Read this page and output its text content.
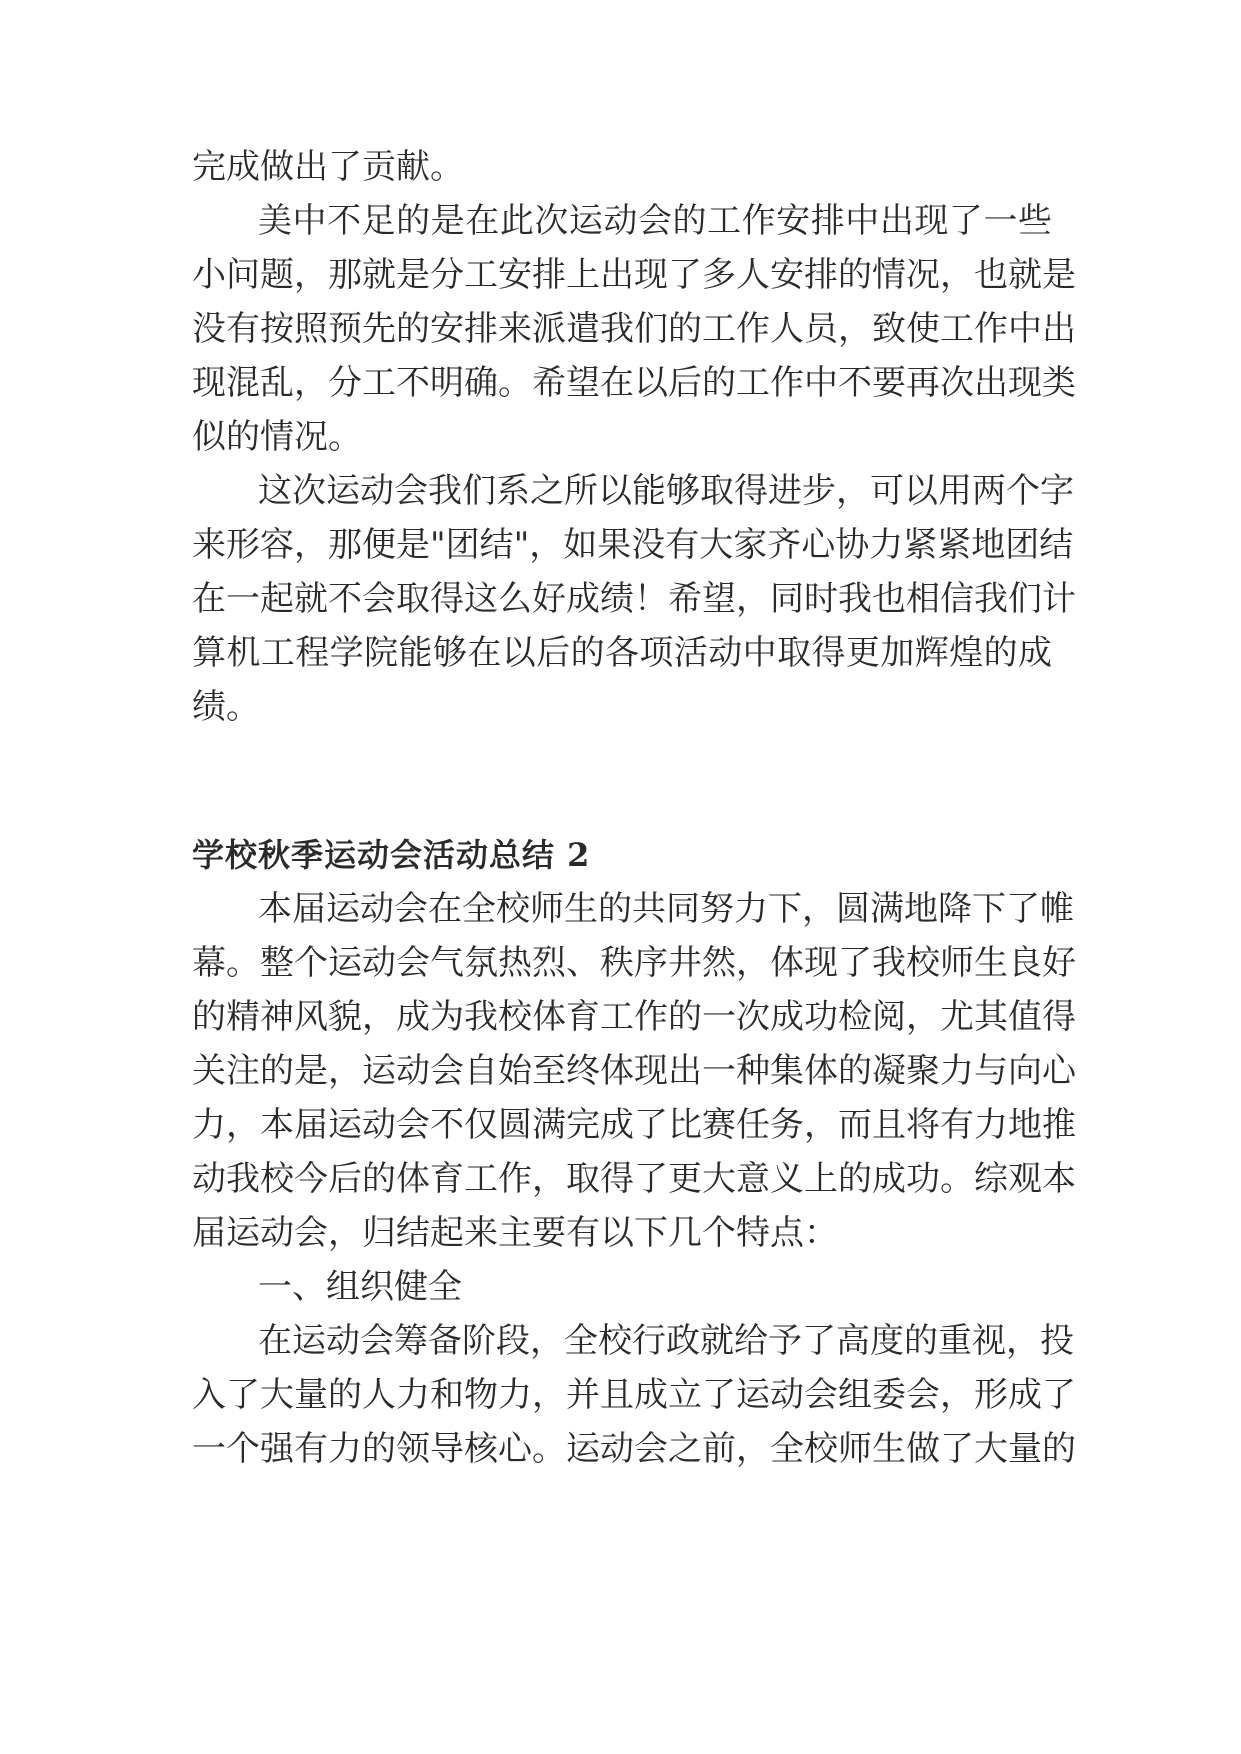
完成做出了贡献。

美中不足的是在此次运动会的工作安排中出现了一些

小问题，那就是分工安排上出现了多人安排的情况，也就是

没有按照预先的安排来派遣我们的工作人员，致使工作中出

现混乱，分工不明确。希望在以后的工作中不要再次出现类

似的情况。

这次运动会我们系之所以能够取得进步，可以用两个字

来形容，那便是"团结"，如果没有大家齐心协力紧紧地团结

在一起就不会取得这么好成绩！希望，同时我也相信我们计

算机工程学院能够在以后的各项活动中取得更加辉煌的成

绩。

学校秋季运动会活动总结 2

本届运动会在全校师生的共同努力下，圆满地降下了帷

幕。整个运动会气氛热烈、秩序井然，体现了我校师生良好

的精神风貌，成为我校体育工作的一次成功检阅，尤其值得

关注的是，运动会自始至终体现出一种集体的凝聚力与向心

力，本届运动会不仅圆满完成了比赛任务，而且将有力地推

动我校今后的体育工作，取得了更大意义上的成功。综观本

届运动会，归结起来主要有以下几个特点：

一、组织健全

在运动会筹备阶段，全校行政就给予了高度的重视，投

入了大量的人力和物力，并且成立了运动会组委会，形成了

一个强有力的领导核心。运动会之前，全校师生做了大量的
